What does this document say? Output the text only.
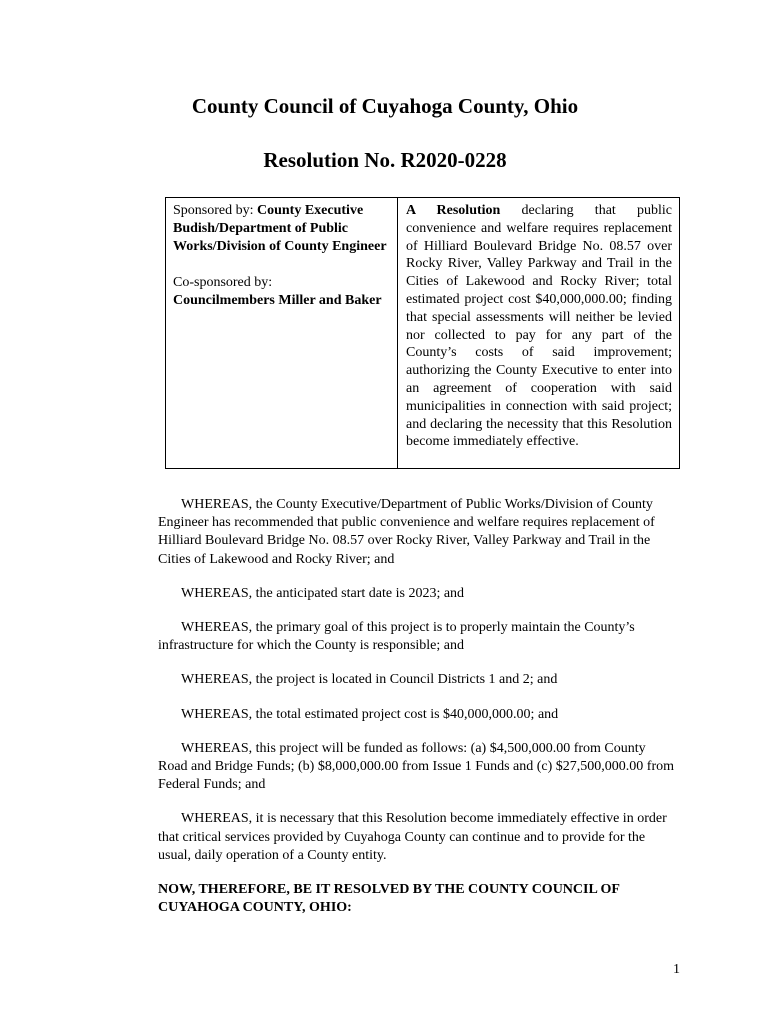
County Council of Cuyahoga County, Ohio
Resolution No. R2020-0228
Sponsored by: County Executive Budish/Department of Public Works/Division of County Engineer
Co-sponsored by:
Councilmembers Miller and Baker
A Resolution declaring that public convenience and welfare requires replacement of Hilliard Boulevard Bridge No. 08.57 over Rocky River, Valley Parkway and Trail in the Cities of Lakewood and Rocky River; total estimated project cost $40,000,000.00; finding that special assessments will neither be levied nor collected to pay for any part of the County’s costs of said improvement; authorizing the County Executive to enter into an agreement of cooperation with said municipalities in connection with said project; and declaring the necessity that this Resolution become immediately effective.

WHEREAS, the County Executive/Department of Public Works/Division of County Engineer has recommended that public convenience and welfare requires replacement of Hilliard Boulevard Bridge No. 08.57 over Rocky River, Valley Parkway and Trail in the Cities of Lakewood and Rocky River; and

WHEREAS, the anticipated start date is 2023; and

WHEREAS, the primary goal of this project is to properly maintain the County’s infrastructure for which the County is responsible; and

WHEREAS, the project is located in Council Districts 1 and 2; and

WHEREAS, the total estimated project cost is $40,000,000.00; and

WHEREAS, this project will be funded as follows: (a) $4,500,000.00 from County Road and Bridge Funds; (b) $8,000,000.00 from Issue 1 Funds and (c) $27,500,000.00 from Federal Funds; and

WHEREAS, it is necessary that this Resolution become immediately effective in order that critical services provided by Cuyahoga County can continue and to provide for the usual, daily operation of a County entity.

NOW, THEREFORE, BE IT RESOLVED BY THE COUNTY COUNCIL OF CUYAHOGA COUNTY, OHIO:

1
